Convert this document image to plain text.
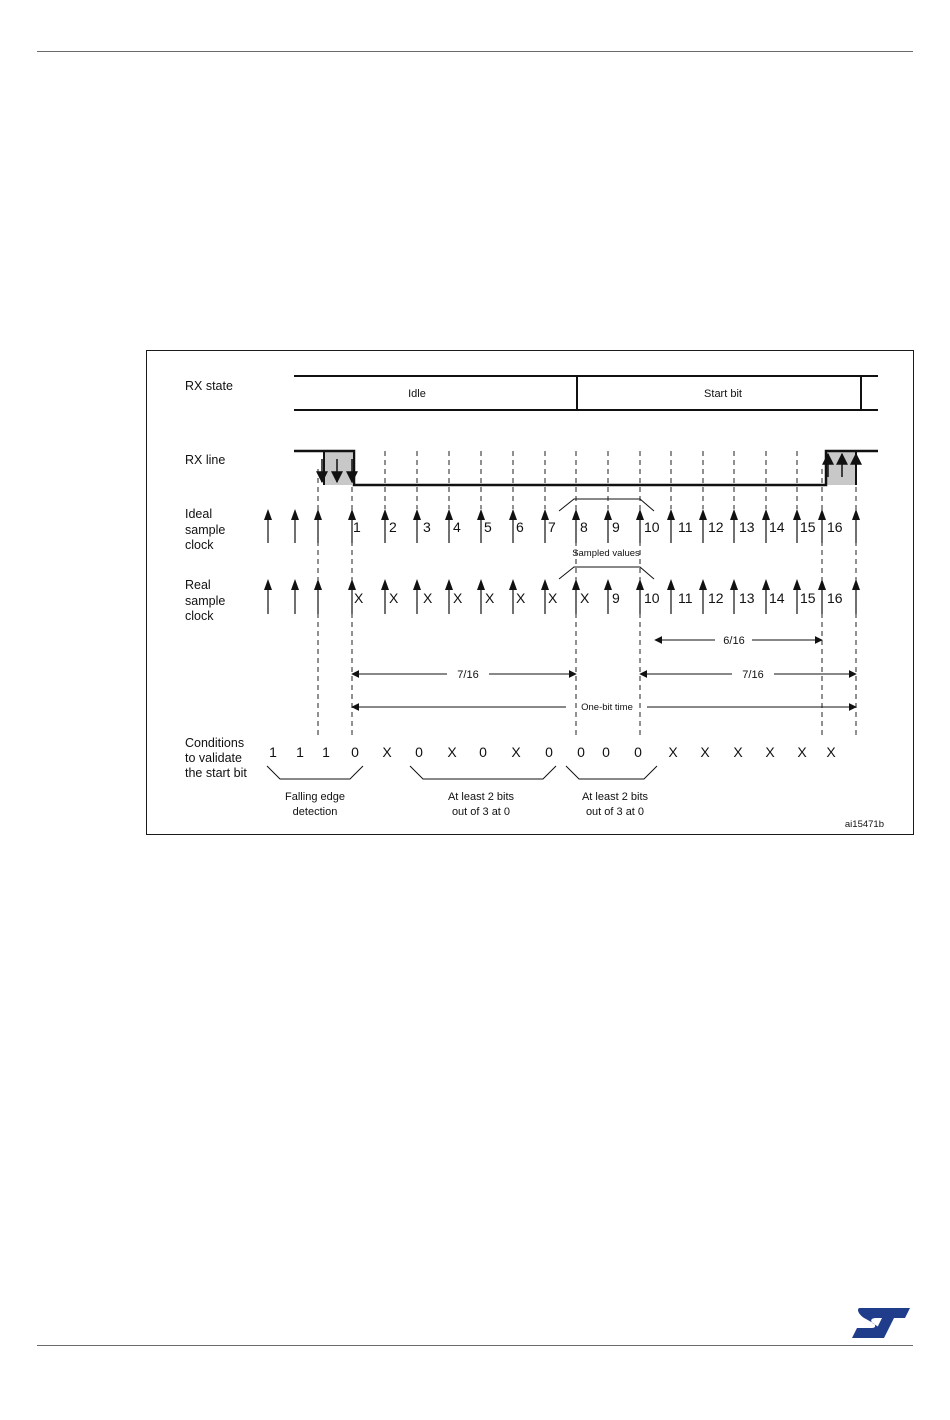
RX state
RX line
Ideal
sample
clock
Real
sample
clock
Conditions
to validate
the start bit
Idle	Start bit
1 2 3 4 5 6 7 8 9 10 11 12 13 14 15 16
Sampled values
X X X X X X X X 9 10 11 12 13 14 15 16
6/16
7/16	7/16
One-bit time
1 1 1 0 X 0 X 0 X 0 0 0 0 X X X X X X
Falling edge
detection
At least 2 bits
out of 3 at 0
At least 2 bits
out of 3 at 0
ai15471b
